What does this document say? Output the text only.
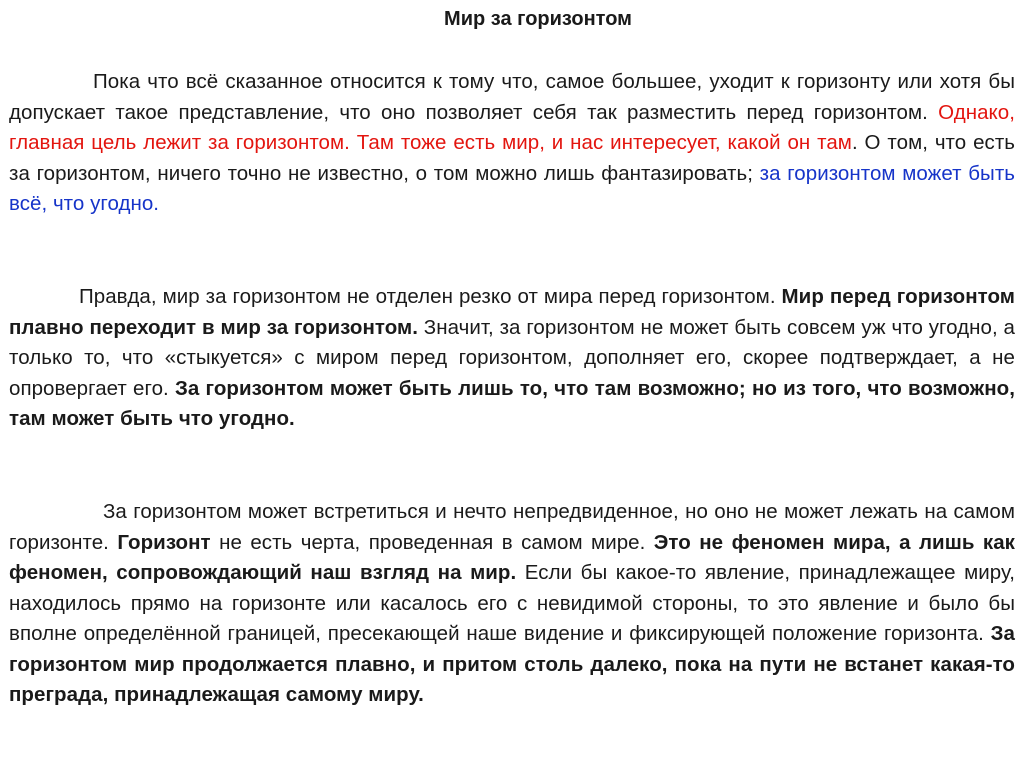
Мир за горизонтом

Пока что всё сказанное относится к тому что, самое большее, уходит к горизонту или хотя бы допускает такое представление, что оно позволяет себя так разместить перед горизонтом. Однако, главная цель лежит за горизонтом. Там тоже есть мир, и нас интересует, какой он там. О том, что есть за горизонтом, ничего точно не известно, о том можно лишь фантазировать; за горизонтом может быть всё, что угодно.

Правда, мир за горизонтом не отделен резко от мира перед горизонтом. Мир перед горизонтом плавно переходит в мир за горизонтом. Значит, за горизонтом не может быть совсем уж что угодно, а только то, что «стыкуется» с миром перед горизонтом, дополняет его, скорее подтверждает, а не опровергает его. За горизонтом может быть лишь то, что там возможно; но из того, что возможно, там может быть что угодно.

За горизонтом может встретиться и нечто непредвиденное, но оно не может лежать на самом горизонте. Горизонт не есть черта, проведенная в самом мире. Это не феномен мира, а лишь как феномен, сопровождающий наш взгляд на мир. Если бы какое-то явление, принадлежащее миру, находилось прямо на горизонте или касалось его с невидимой стороны, то это явление и было бы вполне определённой границей, пресекающей наше видение и фиксирующей положение горизонта. За горизонтом мир продолжается плавно, и притом столь далеко, пока на пути не встанет какая-то преграда, принадлежащая самому миру.
